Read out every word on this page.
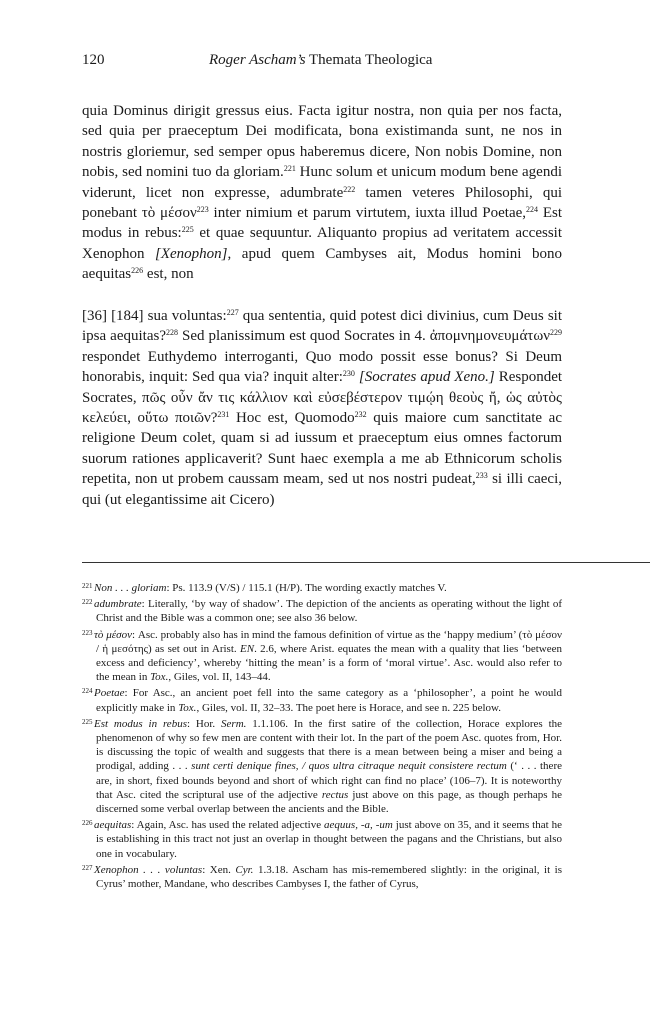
120	Roger Ascham’s Themata Theologica

quia Dominus dirigit gressus eius. Facta igitur nostra, non quia per nos facta, sed quia per praeceptum Dei modificata, bona existimanda sunt, ne nos in nostris gloriemur, sed semper opus haberemus dicere, Non nobis Domine, non nobis, sed nomini tuo da gloriam.$^{221}$ Hunc solum et unicum modum bene agendi viderunt, licet non expresse, adumbrate$^{222}$ tamen veteres Philosophi, qui ponebant τὸ μέσον$^{223}$ inter nimium et parum virtutem, iuxta illud Poetae,$^{224}$ Est modus in rebus:$^{225}$ et quae sequuntur. Aliquanto propius ad veritatem accessit Xenophon [Xenophon], apud quem Cambyses ait, Modus homini bono aequitas$^{226}$ est, non

[36] [184] sua voluntas:$^{227}$ qua sententia, quid potest dici divinius, cum Deus sit ipsa aequitas?$^{228}$ Sed planissimum est quod Socrates in 4. ἀπομνημονευμάτων$^{229}$ respondet Euthydemo interroganti, Quo modo possit esse bonus? Si Deum honorabis, inquit: Sed qua via? inquit alter:$^{230}$ [Socrates apud Xeno.] Respondet Socrates, πῶς οὖν ἄν τις κάλλιον καὶ εὐσεβέστερον τιμῴη θεοὺς ἤ, ὡς αὐτὸς κελεύει, οὕτω ποιῶν?$^{231}$ Hoc est, Quomodo$^{232}$ quis maiore cum sanctitate ac religione Deum colet, quam si ad iussum et praeceptum eius omnes factorum suorum rationes applicaverit? Sunt haec exempla a me ab Ethnicorum scholis repetita, non ut probem caussam meam, sed ut nos nostri pudeat,$^{233}$ si illi caeci, qui (ut elegantissime ait Cicero)

221 Non . . . gloriam: Ps. 113.9 (V/S) / 115.1 (H/P). The wording exactly matches V.

222 adumbrate: Literally, ‘by way of shadow’. The depiction of the ancients as operating without the light of Christ and the Bible was a common one; see also 36 below.

223 τὸ μέσον: Asc. probably also has in mind the famous definition of virtue as the ‘happy medium’ (τὸ μέσον / ἡ μεσότης) as set out in Arist. EN. 2.6, where Arist. equates the mean with a quality that lies ‘between excess and deficiency’, whereby ‘hitting the mean’ is a form of ‘moral virtue’. Asc. would also refer to the mean in Tox., Giles, vol. II, 143–44.

224 Poetae: For Asc., an ancient poet fell into the same category as a ‘philosopher’, a point he would explicitly make in Tox., Giles, vol. II, 32–33. The poet here is Horace, and see n. 225 below.

225 Est modus in rebus: Hor. Serm. 1.1.106. In the first satire of the collection, Horace explores the phenomenon of why so few men are content with their lot. In the part of the poem Asc. quotes from, Hor. is discussing the topic of wealth and suggests that there is a mean between being a miser and being a prodigal, adding . . . sunt certi denique fines, / quos ultra citraque nequit consistere rectum (‘ . . . there are, in short, fixed bounds beyond and short of which right can find no place’ (106–7). It is noteworthy that Asc. cited the scriptural use of the adjective rectus just above on this page, as though perhaps he discerned some verbal overlap between the ancients and the Bible.

226 aequitas: Again, Asc. has used the related adjective aequus, -a, -um just above on 35, and it seems that he is establishing in this tract not just an overlap in thought between the pagans and the Christians, but also one in vocabulary.

227 Xenophon . . . voluntas: Xen. Cyr. 1.3.18. Ascham has mis-remembered slightly: in the original, it is Cyrus’ mother, Mandane, who describes Cambyses I, the father of Cyrus,
